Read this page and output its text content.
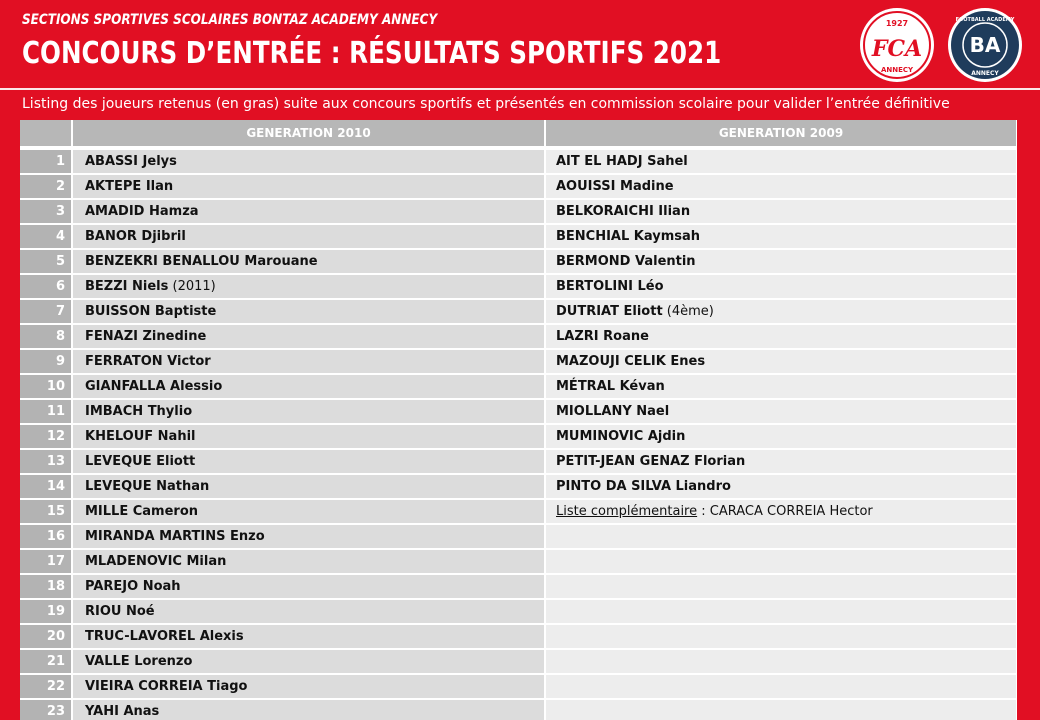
SECTIONS SPORTIVES SCOLAIRES BONTAZ ACADEMY ANNECY
CONCOURS D’ENTRÉE : RÉSULTATS SPORTIFS 2021
1927
FCA
ANNECY
FOOTBALL ACADEMY
BA
ANNECY
Listing des joueurs retenus (en gras) suite aux concours sportifs et présentés en commission scolaire pour valider l’entrée définitive
	GENERATION 2010	GENERATION 2009

1	ABASSI Jelys	AIT EL HADJ Sahel
2	AKTEPE Ilan	AOUISSI Madine
3	AMADID Hamza	BELKORAICHI Ilian
4	BANOR Djibril	BENCHIAL Kaymsah
5	BENZEKRI BENALLOU Marouane	BERMOND Valentin
6	BEZZI Niels (2011)	BERTOLINI Léo
7	BUISSON Baptiste	DUTRIAT Eliott (4ème)
8	FENAZI Zinedine	LAZRI Roane
9	FERRATON Victor	MAZOUJI CELIK Enes
10	GIANFALLA Alessio	MÉTRAL Kévan
11	IMBACH Thylio	MIOLLANY Nael
12	KHELOUF Nahil	MUMINOVIC Ajdin
13	LEVEQUE Eliott	PETIT-JEAN GENAZ Florian
14	LEVEQUE Nathan	PINTO DA SILVA Liandro
15	MILLE Cameron	Liste complémentaire : CARACA CORREIA Hector
16	MIRANDA MARTINS Enzo	
17	MLADENOVIC Milan	
18	PAREJO Noah	
19	RIOU Noé	
20	TRUC-LAVOREL Alexis	
21	VALLE Lorenzo	
22	VIEIRA CORREIA Tiago	
23	YAHI Anas	
